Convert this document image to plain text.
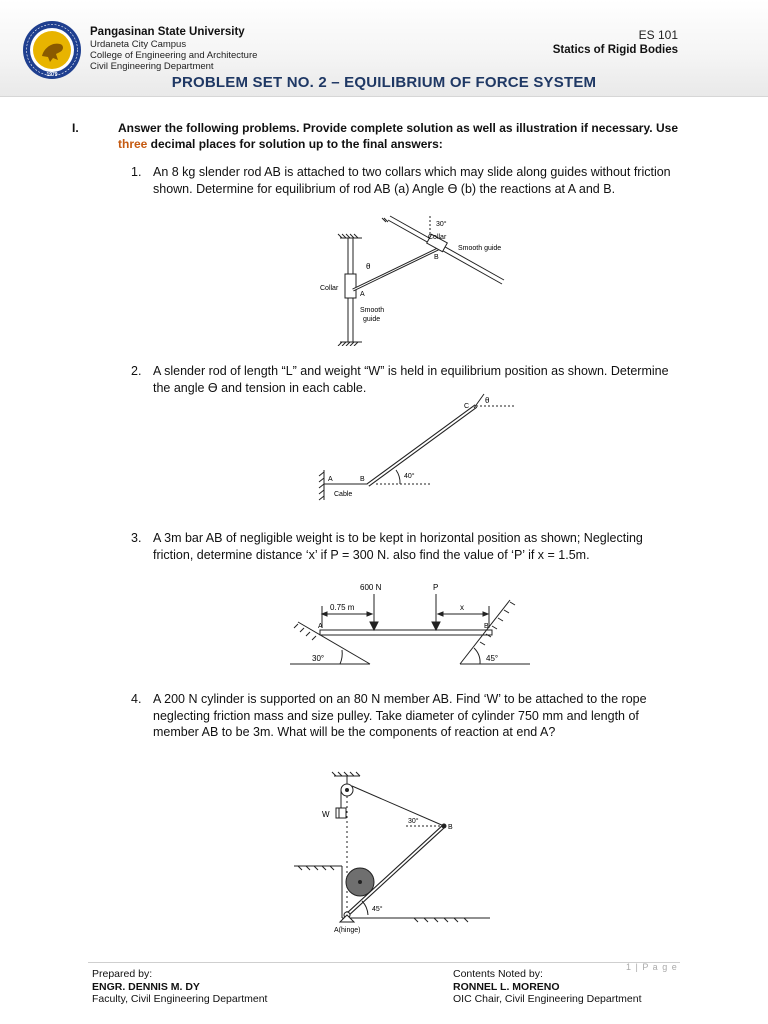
1979
Pangasinan State University
Urdaneta City Campus
College of Engineering and Architecture
Civil Engineering Department
ES 101
Statics of Rigid Bodies
PROBLEM SET NO. 2 – EQUILIBRIUM OF FORCE SYSTEM
I.	Answer the following problems. Provide complete solution as well as illustration if necessary. Use three decimal places for solution up to the final answers:
1. An 8 kg slender rod AB is attached to two collars which may slide along guides without friction shown. Determine for equilibrium of rod AB (a) Angle ϴ (b) the reactions at A and B.
30°
Collar
Smooth guide
B
θ
Collar
A
Smooth
guide
2. A slender rod of length “L” and weight “W” is held in equilibrium position as shown. Determine the angle ϴ and tension in each cable.
C
θ
40°
A	B
Cable
3. A 3m bar AB of negligible weight is to be kept in horizontal position as shown; Neglecting friction, determine distance ‘x’ if P = 300 N. also find the value of ‘P’ if x = 1.5m.
600 N	P
0.75 m	x
A	B
30°	45°
4. A 200 N cylinder is supported on an 80 N member AB. Find ‘W’ to be attached to the rope neglecting friction mass and size pulley. Take diameter of cylinder 750 mm and length of member AB to be 3m. What will be the components of reaction at end A?
W
30°
B
45°
A(hinge)
1 | P a g e
Prepared by:
ENGR. DENNIS M. DY
Faculty, Civil Engineering Department
Contents Noted by:
RONNEL L. MORENO
OIC Chair, Civil Engineering Department
